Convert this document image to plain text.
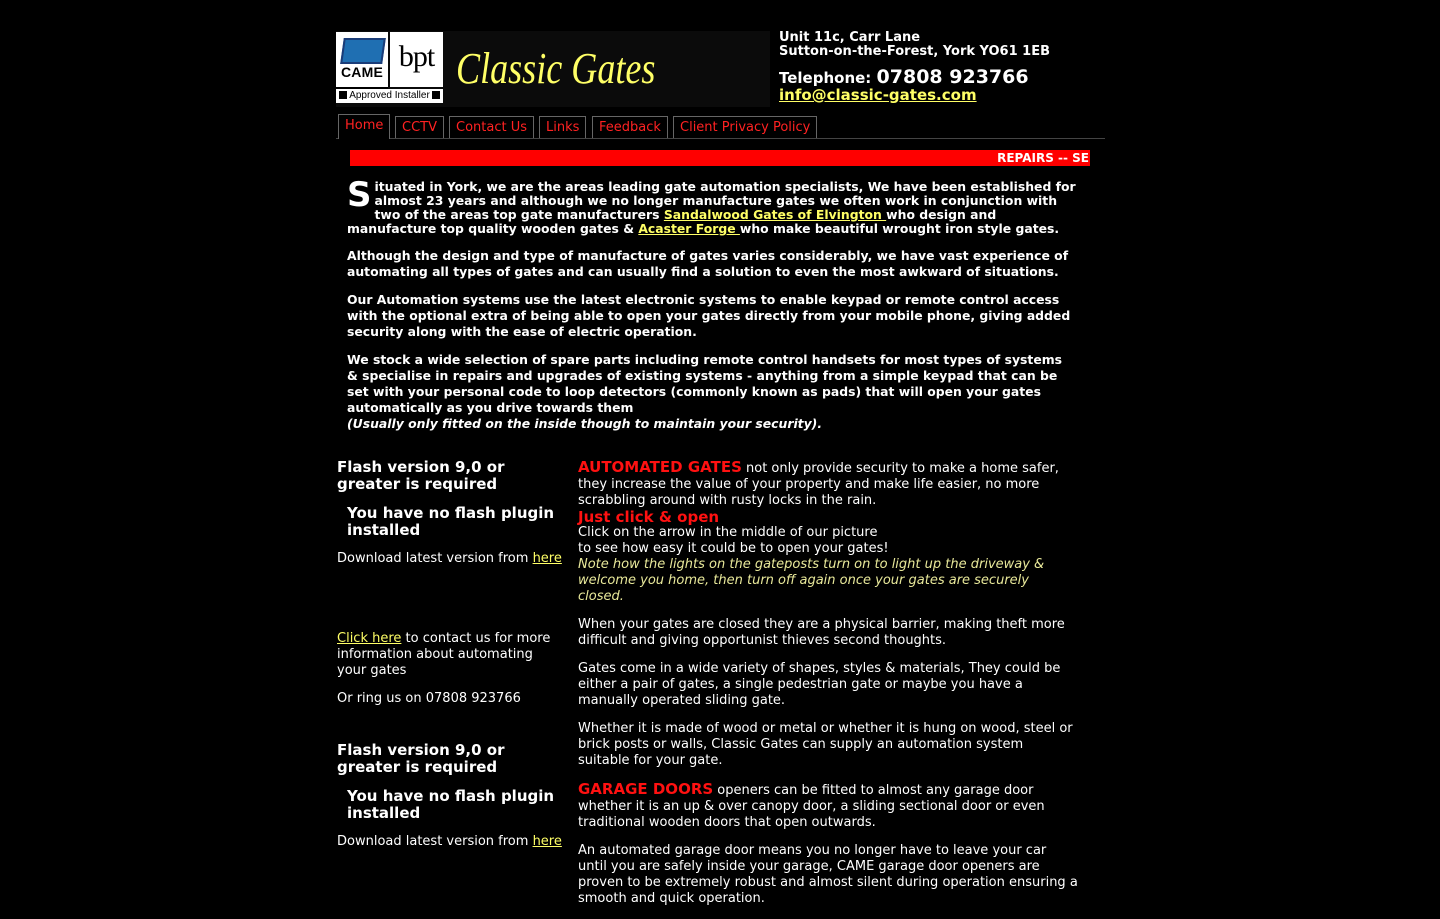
CAME bpt
Approved Installer
Classic Gates
Unit 11c, Carr Lane
Sutton-on-the-Forest, York YO61 1EB
Telephone: 07808 923766
info@classic-gates.com
Home	CCTV	Contact Us	Links	Feedback	Client Privacy Policy
REPAIRS -- SE

Situated in York, we are the areas leading gate automation specialists, We have been established for almost 23 years and although we no longer manufacture gates we often work in conjunction with two of the areas top gate manufacturers Sandalwood Gates of Elvington who design and manufacture top quality wooden gates & Acaster Forge who make beautiful wrought iron style gates.

Although the design and type of manufacture of gates varies considerably, we have vast experience of automating all types of gates and can usually find a solution to even the most awkward of situations.

Our Automation systems use the latest electronic systems to enable keypad or remote control access with the optional extra of being able to open your gates directly from your mobile phone, giving added security along with the ease of electric operation.

We stock a wide selection of spare parts including remote control handsets for most types of systems & specialise in repairs and upgrades of existing systems - anything from a simple keypad that can be set with your personal code to loop detectors (commonly known as pads) that will open your gates automatically as you drive towards them
(Usually only fitted on the inside though to maintain your security).

Flash version 9,0 or greater is required
You have no flash plugin installed

Download latest version from here

Click here to contact us for more information about automating your gates

Or ring us on 07808 923766

Flash version 9,0 or greater is required
You have no flash plugin installed

Download latest version from here

AUTOMATED GATES not only provide security to make a home safer, they increase the value of your property and make life easier, no more scrabbling around with rusty locks in the rain.

Just click & open
Click on the arrow in the middle of our picture
to see how easy it could be to open your gates!

Note how the lights on the gateposts turn on to light up the driveway & welcome you home, then turn off again once your gates are securely closed.

When your gates are closed they are a physical barrier, making theft more difficult and giving opportunist thieves second thoughts.

Gates come in a wide variety of shapes, styles & materials, They could be either a pair of gates, a single pedestrian gate or maybe you have a manually operated sliding gate.

Whether it is made of wood or metal or whether it is hung on wood, steel or brick posts or walls, Classic Gates can supply an automation system suitable for your gate.

GARAGE DOORS openers can be fitted to almost any garage door whether it is an up & over canopy door, a sliding sectional door or even traditional wooden doors that open outwards.

An automated garage door means you no longer have to leave your car until you are safely inside your garage, CAME garage door openers are proven to be extremely robust and almost silent during operation ensuring a smooth and quick operation.
